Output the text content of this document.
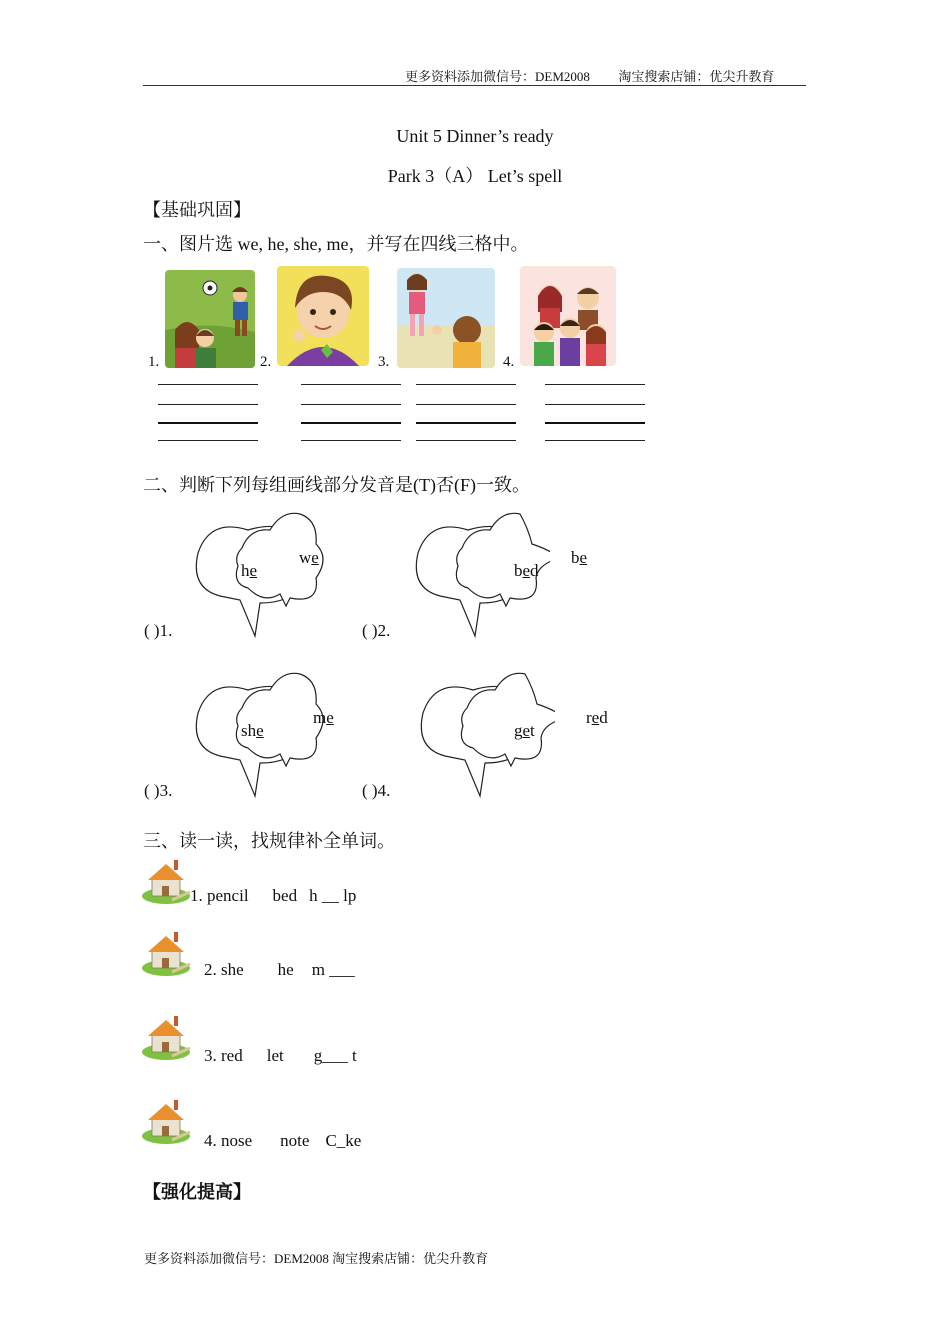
更多资料添加微信号：DEM2008 淘宝搜索店铺：优尖升教育
Unit 5 Dinner’s ready
Park 3（A） Let’s spell
【基础巩固】
一、图片选 we, he, she, me，并写在四线三格中。
1.	2.	3.	4.
二、判断下列每组画线部分发音是(T)否(F)一致。
he
we
( )1.
bed
be
( )2.
she
me
( )3.
get
red
( )4.
三、读一读，找规律补全单词。
1. pencil bed h __ lp
2. she he m ___
3. red let g___ t
4. nose note C_ke
【强化提高】
更多资料添加微信号：DEM2008 淘宝搜索店铺：优尖升教育
